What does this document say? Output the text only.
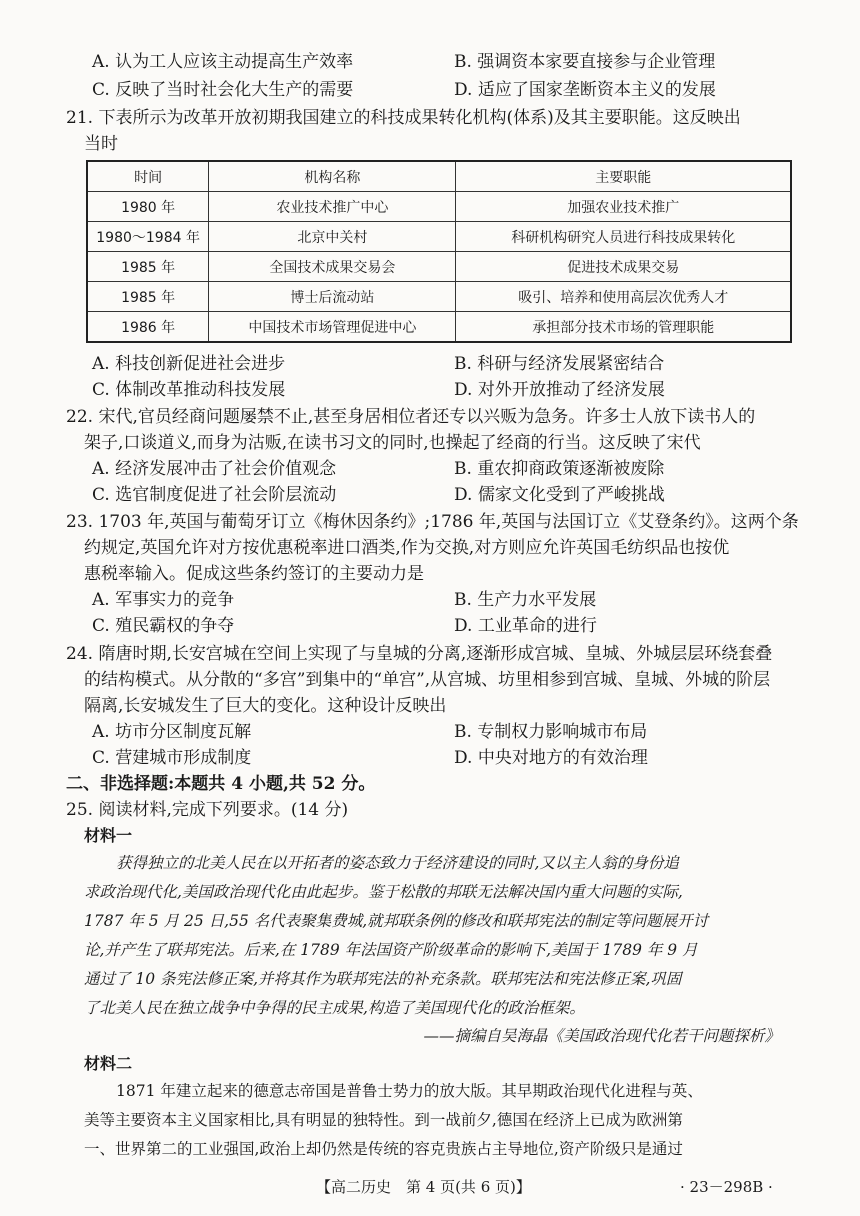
A. 认为工人应该主动提高生产效率	B. 强调资本家要直接参与企业管理
C. 反映了当时社会化大生产的需要	D. 适应了国家垄断资本主义的发展
21. 下表所示为改革开放初期我国建立的科技成果转化机构(体系)及其主要职能。这反映出
当时
时间	机构名称	主要职能
1980 年	农业技术推广中心	加强农业技术推广
1980～1984 年	北京中关村	科研机构研究人员进行科技成果转化
1985 年	全国技术成果交易会	促进技术成果交易
1985 年	博士后流动站	吸引、培养和使用高层次优秀人才
1986 年	中国技术市场管理促进中心	承担部分技术市场的管理职能
A. 科技创新促进社会进步	B. 科研与经济发展紧密结合
C. 体制改革推动科技发展	D. 对外开放推动了经济发展
22. 宋代,官员经商问题屡禁不止,甚至身居相位者还专以兴贩为急务。许多士人放下读书人的
架子,口谈道义,而身为沽贩,在读书习文的同时,也操起了经商的行当。这反映了宋代
A. 经济发展冲击了社会价值观念	B. 重农抑商政策逐渐被废除
C. 选官制度促进了社会阶层流动	D. 儒家文化受到了严峻挑战
23. 1703 年,英国与葡萄牙订立《梅休因条约》;1786 年,英国与法国订立《艾登条约》。这两个条
约规定,英国允许对方按优惠税率进口酒类,作为交换,对方则应允许英国毛纺织品也按优
惠税率输入。促成这些条约签订的主要动力是
A. 军事实力的竞争	B. 生产力水平发展
C. 殖民霸权的争夺	D. 工业革命的进行
24. 隋唐时期,长安宫城在空间上实现了与皇城的分离,逐渐形成宫城、皇城、外城层层环绕套叠
的结构模式。从分散的“多宫”到集中的“单宫”,从宫城、坊里相参到宫城、皇城、外城的阶层
隔离,长安城发生了巨大的变化。这种设计反映出
A. 坊市分区制度瓦解	B. 专制权力影响城市布局
C. 营建城市形成制度	D. 中央对地方的有效治理
二、非选择题:本题共 4 小题,共 52 分。
25. 阅读材料,完成下列要求。(14 分)
材料一
获得独立的北美人民在以开拓者的姿态致力于经济建设的同时,又以主人翁的身份追
求政治现代化,美国政治现代化由此起步。鉴于松散的邦联无法解决国内重大问题的实际,
1787 年 5 月 25 日,55 名代表聚集费城,就邦联条例的修改和联邦宪法的制定等问题展开讨
论,并产生了联邦宪法。后来,在 1789 年法国资产阶级革命的影响下,美国于 1789 年 9 月
通过了 10 条宪法修正案,并将其作为联邦宪法的补充条款。联邦宪法和宪法修正案,巩固
了北美人民在独立战争中争得的民主成果,构造了美国现代化的政治框架。
——摘编自吴海晶《美国政治现代化若干问题探析》
材料二
1871 年建立起来的德意志帝国是普鲁士势力的放大版。其早期政治现代化进程与英、
美等主要资本主义国家相比,具有明显的独特性。到一战前夕,德国在经济上已成为欧洲第
一、世界第二的工业强国,政治上却仍然是传统的容克贵族占主导地位,资产阶级只是通过
【高二历史　第 4 页(共 6 页)】	· 23－298B ·
